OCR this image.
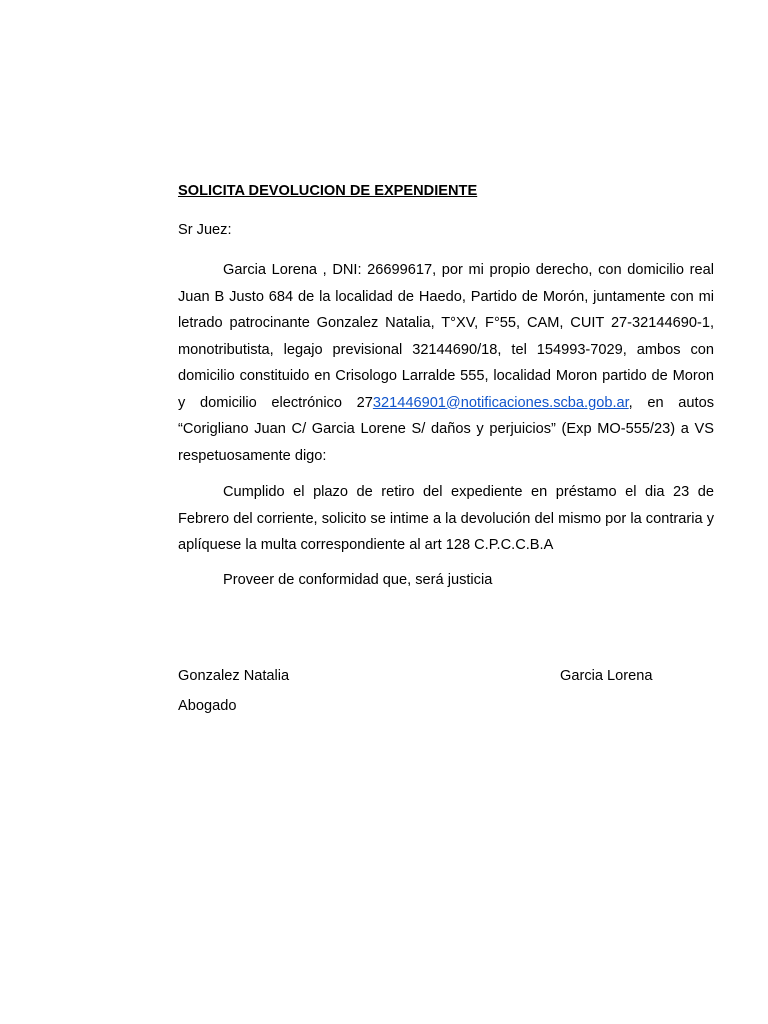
SOLICITA DEVOLUCION DE EXPENDIENTE

Sr Juez:

Garcia Lorena , DNI: 26699617, por mi propio derecho, con domicilio real Juan B Justo 684 de la localidad de Haedo, Partido de Morón, juntamente con mi letrado patrocinante Gonzalez Natalia, T°XV, F°55, CAM, CUIT 27-32144690-1, monotributista, legajo previsional 32144690/18, tel 154993-7029, ambos con domicilio constituido en Crisologo Larralde 555, localidad Moron partido de Moron y domicilio electrónico 27321446901@notificaciones.scba.gob.ar, en autos “Corigliano Juan C/ Garcia Lorene S/ daños y perjuicios” (Exp MO-555/23) a VS respetuosamente digo:

Cumplido el plazo de retiro del expediente en préstamo el dia 23 de Febrero del corriente, solicito se intime a la devolución del mismo por la contraria y aplíquese la multa correspondiente al art 128 C.P.C.C.B.A

Proveer de conformidad que, será justicia

Gonzalez Natalia
Abogado
Garcia Lorena
